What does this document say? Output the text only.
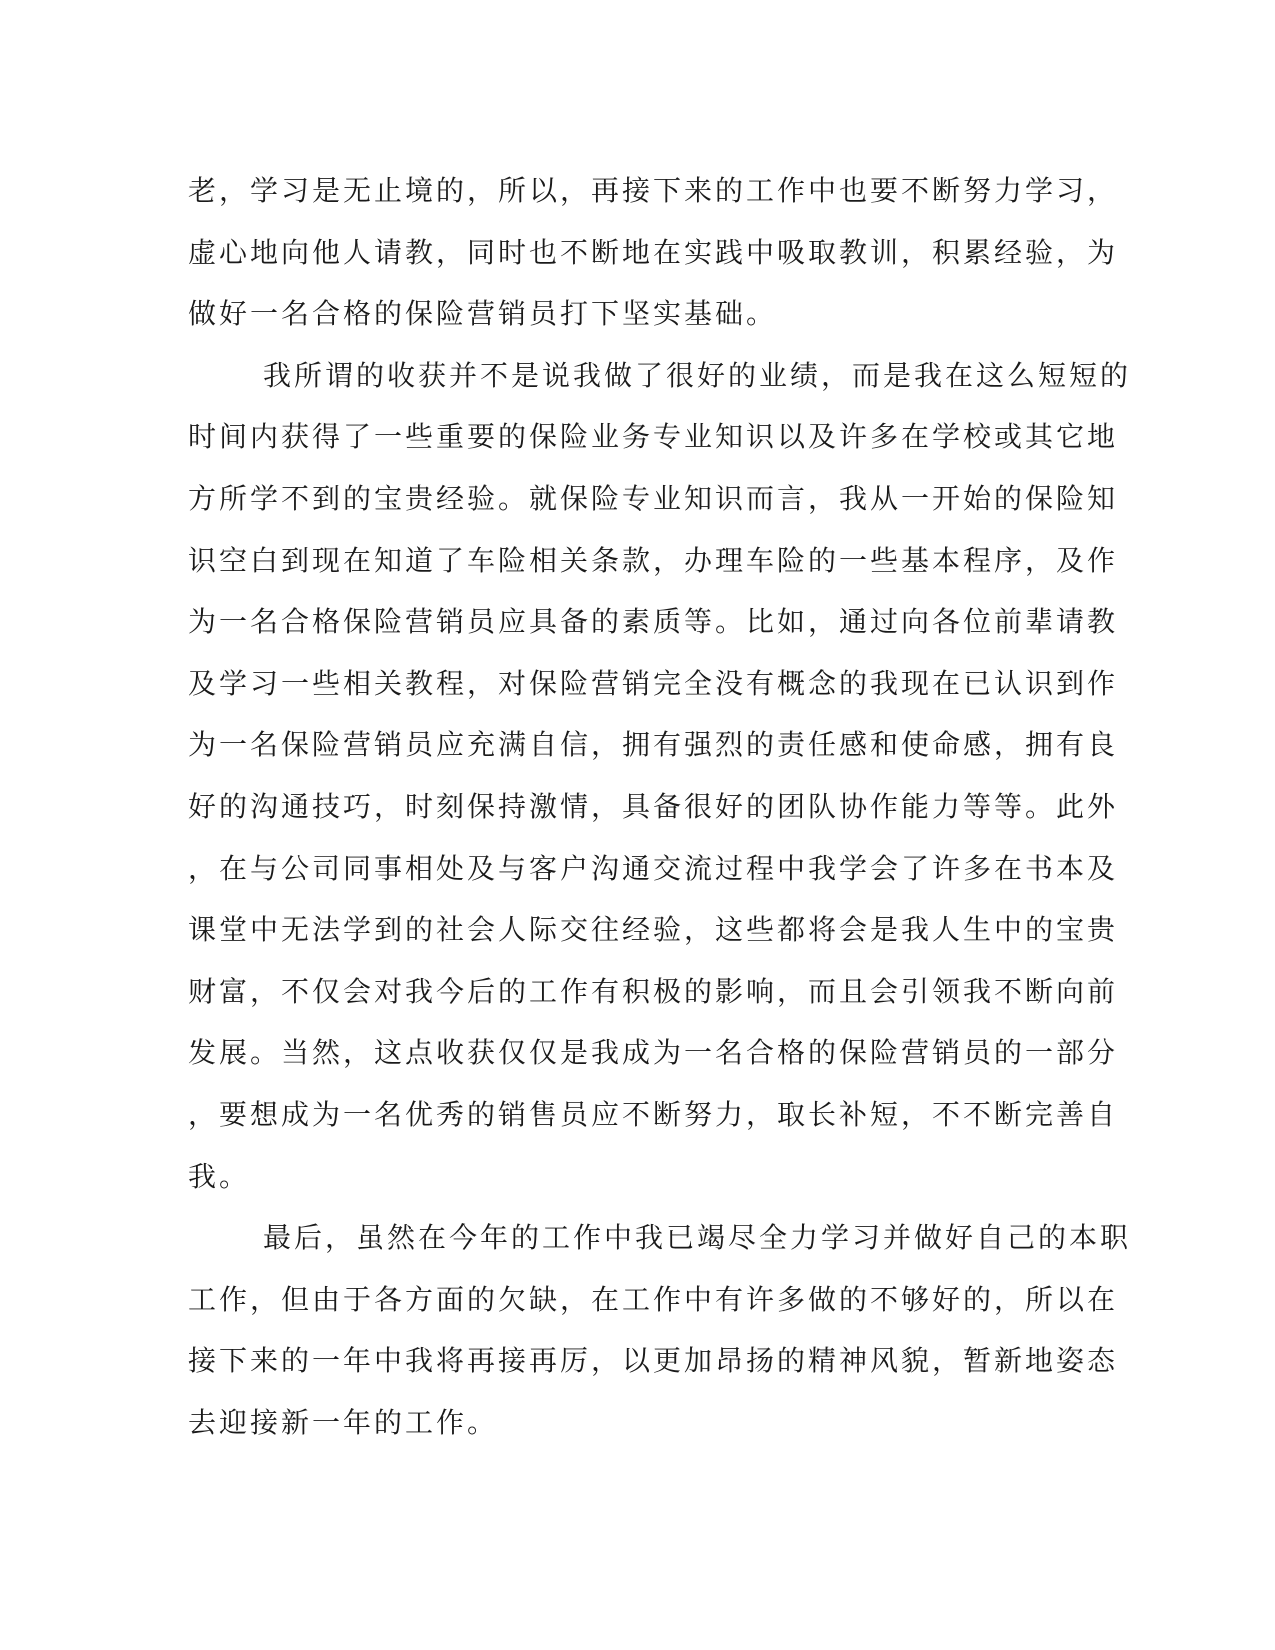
老，学习是无止境的，所以，再接下来的工作中也要不断努力学习，
虚心地向他人请教，同时也不断地在实践中吸取教训，积累经验，为
做好一名合格的保险营销员打下坚实基础。
我所谓的收获并不是说我做了很好的业绩，而是我在这么短短的
时间内获得了一些重要的保险业务专业知识以及许多在学校或其它地
方所学不到的宝贵经验。就保险专业知识而言，我从一开始的保险知
识空白到现在知道了车险相关条款，办理车险的一些基本程序，及作
为一名合格保险营销员应具备的素质等。比如，通过向各位前辈请教
及学习一些相关教程，对保险营销完全没有概念的我现在已认识到作
为一名保险营销员应充满自信，拥有强烈的责任感和使命感，拥有良
好的沟通技巧，时刻保持激情，具备很好的团队协作能力等等。此外
，在与公司同事相处及与客户沟通交流过程中我学会了许多在书本及
课堂中无法学到的社会人际交往经验，这些都将会是我人生中的宝贵
财富，不仅会对我今后的工作有积极的影响，而且会引领我不断向前
发展。当然，这点收获仅仅是我成为一名合格的保险营销员的一部分
，要想成为一名优秀的销售员应不断努力，取长补短，不不断完善自
我。
最后，虽然在今年的工作中我已竭尽全力学习并做好自己的本职
工作，但由于各方面的欠缺，在工作中有许多做的不够好的，所以在
接下来的一年中我将再接再厉，以更加昂扬的精神风貌，暂新地姿态
去迎接新一年的工作。
